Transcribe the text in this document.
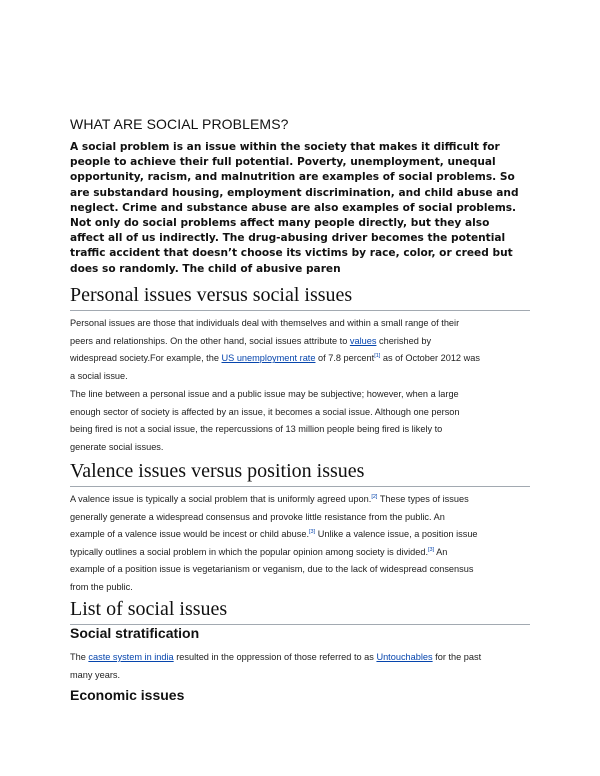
WHAT ARE SOCIAL PROBLEMS?
A social problem is an issue within the society that makes it difficult for
people to achieve their full potential. Poverty, unemployment, unequal
opportunity, racism, and malnutrition are examples of social problems. So
are substandard housing, employment discrimination, and child abuse and
neglect. Crime and substance abuse are also examples of social problems.
Not only do social problems affect many people directly, but they also
affect all of us indirectly. The drug-abusing driver becomes the potential
traffic accident that doesn’t choose its victims by race, color, or creed but
does so randomly. The child of abusive paren
Personal issues versus social issues
Personal issues are those that individuals deal with themselves and within a small range of their
peers and relationships. On the other hand, social issues attribute to values cherished by
widespread society.For example, the US unemployment rate of 7.8 percent[1] as of October 2012 was
a social issue.
The line between a personal issue and a public issue may be subjective; however, when a large
enough sector of society is affected by an issue, it becomes a social issue. Although one person
being fired is not a social issue, the repercussions of 13 million people being fired is likely to
generate social issues.
Valence issues versus position issues
A valence issue is typically a social problem that is uniformly agreed upon.[2] These types of issues
generally generate a widespread consensus and provoke little resistance from the public. An
example of a valence issue would be incest or child abuse.[3] Unlike a valence issue, a position issue
typically outlines a social problem in which the popular opinion among society is divided.[3] An
example of a position issue is vegetarianism or veganism, due to the lack of widespread consensus
from the public.
List of social issues
Social stratification
The caste system in india resulted in the oppression of those referred to as Untouchables for the past
many years.
Economic issues
